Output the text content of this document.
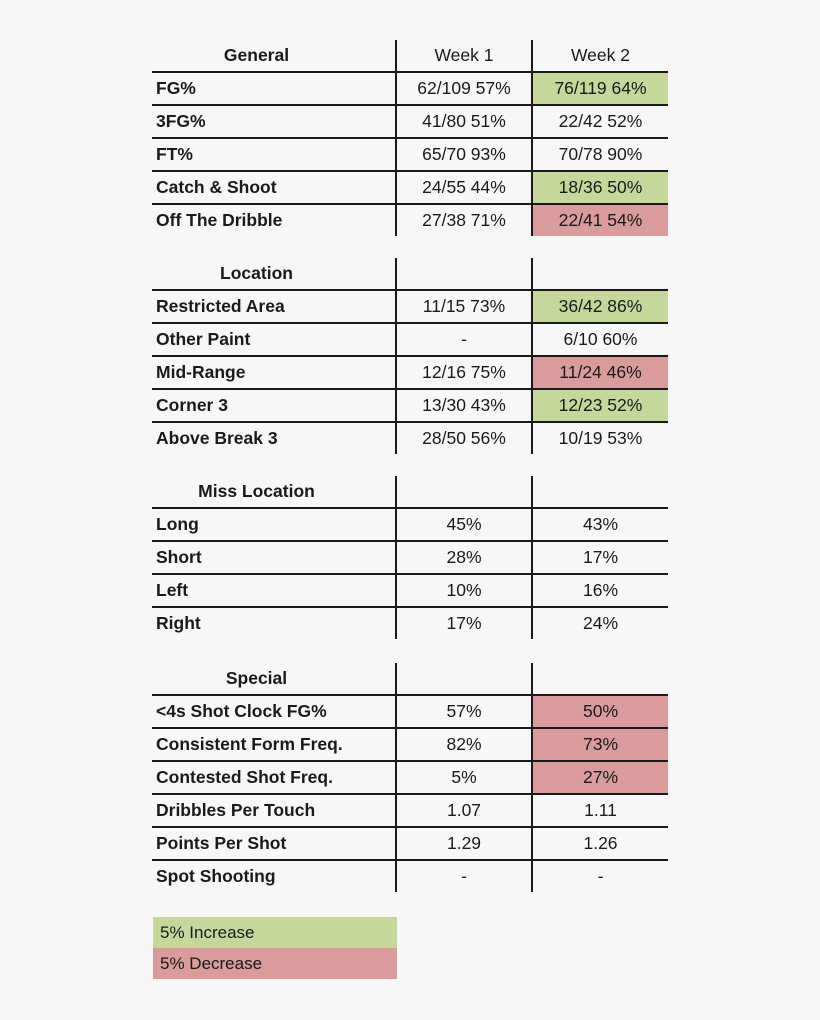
General	Week 1	Week 2
FG%	62/109 57%	76/119 64%
3FG%	41/80 51%	22/42 52%
FT%	65/70 93%	70/78 90%
Catch & Shoot	24/55 44%	18/36 50%
Off The Dribble	27/38 71%	22/41 54%
Location		
Restricted Area	11/15 73%	36/42 86%
Other Paint	-	6/10 60%
Mid-Range	12/16 75%	11/24 46%
Corner 3	13/30 43%	12/23 52%
Above Break 3	28/50 56%	10/19 53%
Miss Location		
Long	45%	43%
Short	28%	17%
Left	10%	16%
Right	17%	24%
Special		
<4s Shot Clock FG%	57%	50%
Consistent Form Freq.	82%	73%
Contested Shot Freq.	5%	27%
Dribbles Per Touch	1.07	1.11
Points Per Shot	1.29	1.26
Spot Shooting	-	-
5% Increase
5% Decrease
